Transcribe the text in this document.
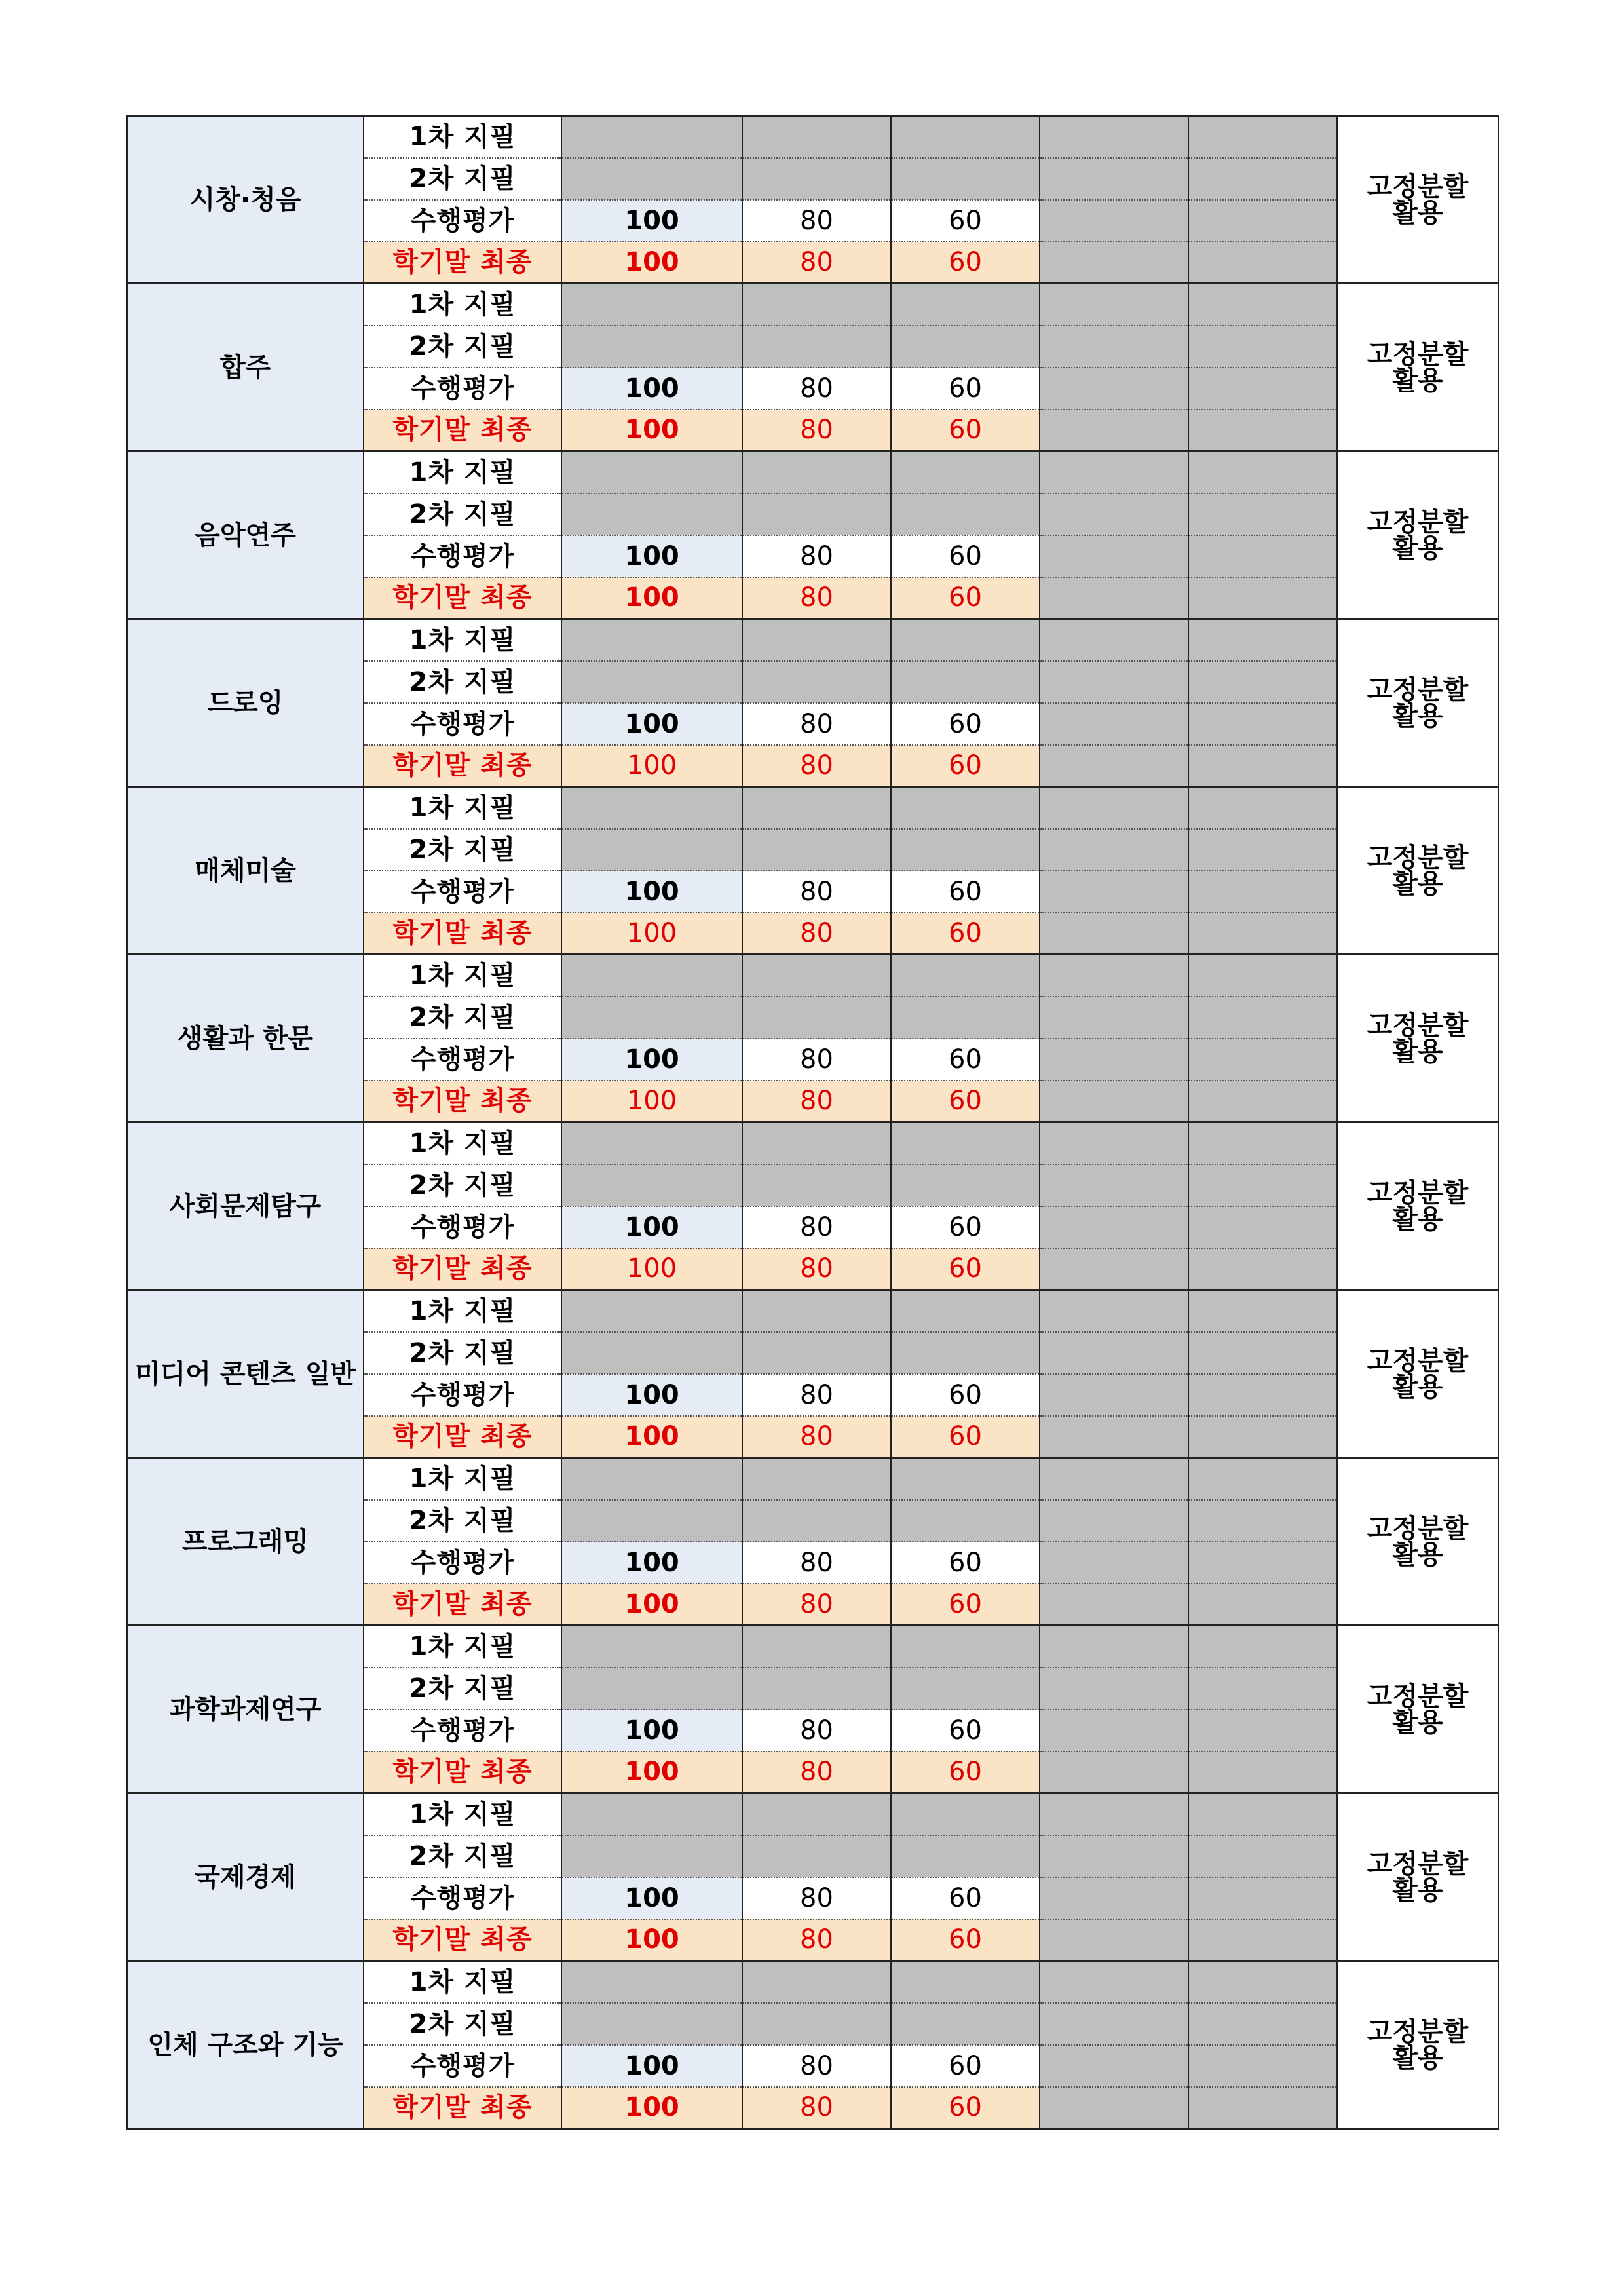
시창·청음	1차 지필						고정분할
활용
	2차 지필						
	수행평가	100	80	60			
	학기말 최종	100	80	60			
합주	1차 지필						고정분할
활용
	2차 지필						
	수행평가	100	80	60			
	학기말 최종	100	80	60			
음악연주	1차 지필						고정분할
활용
	2차 지필						
	수행평가	100	80	60			
	학기말 최종	100	80	60			
드로잉	1차 지필						고정분할
활용
	2차 지필						
	수행평가	100	80	60			
	학기말 최종	100	80	60			
매체미술	1차 지필						고정분할
활용
	2차 지필						
	수행평가	100	80	60			
	학기말 최종	100	80	60			
생활과 한문	1차 지필						고정분할
활용
	2차 지필						
	수행평가	100	80	60			
	학기말 최종	100	80	60			
사회문제탐구	1차 지필						고정분할
활용
	2차 지필						
	수행평가	100	80	60			
	학기말 최종	100	80	60			
미디어 콘텐츠 일반	1차 지필						고정분할
활용
	2차 지필						
	수행평가	100	80	60			
	학기말 최종	100	80	60			
프로그래밍	1차 지필						고정분할
활용
	2차 지필						
	수행평가	100	80	60			
	학기말 최종	100	80	60			
과학과제연구	1차 지필						고정분할
활용
	2차 지필						
	수행평가	100	80	60			
	학기말 최종	100	80	60			
국제경제	1차 지필						고정분할
활용
	2차 지필						
	수행평가	100	80	60			
	학기말 최종	100	80	60			
인체 구조와 기능	1차 지필						고정분할
활용
	2차 지필						
	수행평가	100	80	60			
	학기말 최종	100	80	60			
